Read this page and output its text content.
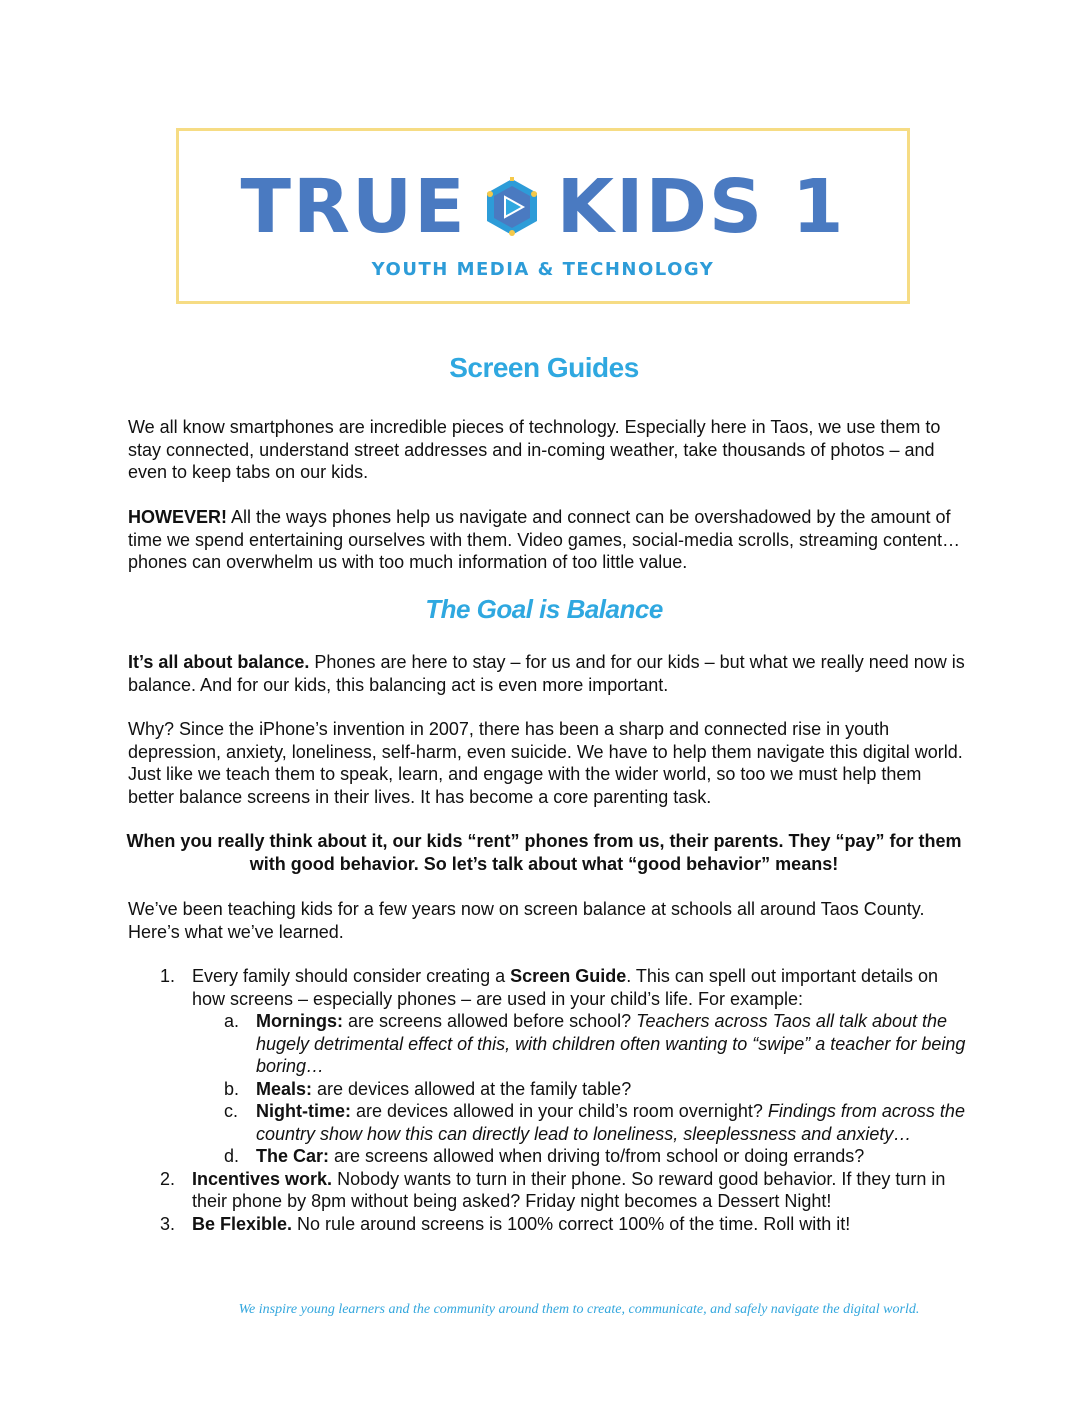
TRUE KIDS 1
YOUTH MEDIA & TECHNOLOGY
Screen Guides

We all know smartphones are incredible pieces of technology. Especially here in Taos, we use them to stay connected, understand street addresses and in-coming weather, take thousands of photos – and even to keep tabs on our kids.

HOWEVER! All the ways phones help us navigate and connect can be overshadowed by the amount of time we spend entertaining ourselves with them. Video games, social-media scrolls, streaming content… phones can overwhelm us with too much information of too little value.

The Goal is Balance

It’s all about balance. Phones are here to stay – for us and for our kids – but what we really need now is balance. And for our kids, this balancing act is even more important.

Why? Since the iPhone’s invention in 2007, there has been a sharp and connected rise in youth depression, anxiety, loneliness, self-harm, even suicide. We have to help them navigate this digital world. Just like we teach them to speak, learn, and engage with the wider world, so too we must help them better balance screens in their lives. It has become a core parenting task.

When you really think about it, our kids “rent” phones from us, their parents. They “pay” for them with good behavior. So let’s talk about what “good behavior” means!

We’ve been teaching kids for a few years now on screen balance at schools all around Taos County. Here’s what we’ve learned.

1. Every family should consider creating a Screen Guide. This can spell out important details on how screens – especially phones – are used in your child’s life. For example:
a. Mornings: are screens allowed before school? Teachers across Taos all talk about the hugely detrimental effect of this, with children often wanting to “swipe” a teacher for being boring…
b. Meals: are devices allowed at the family table?
c. Night-time: are devices allowed in your child’s room overnight? Findings from across the country show how this can directly lead to loneliness, sleeplessness and anxiety…
d. The Car: are screens allowed when driving to/from school or doing errands?
2. Incentives work. Nobody wants to turn in their phone. So reward good behavior. If they turn in their phone by 8pm without being asked? Friday night becomes a Dessert Night!
3. Be Flexible. No rule around screens is 100% correct 100% of the time. Roll with it!
We inspire young learners and the community around them to create, communicate, and safely navigate the digital world.
